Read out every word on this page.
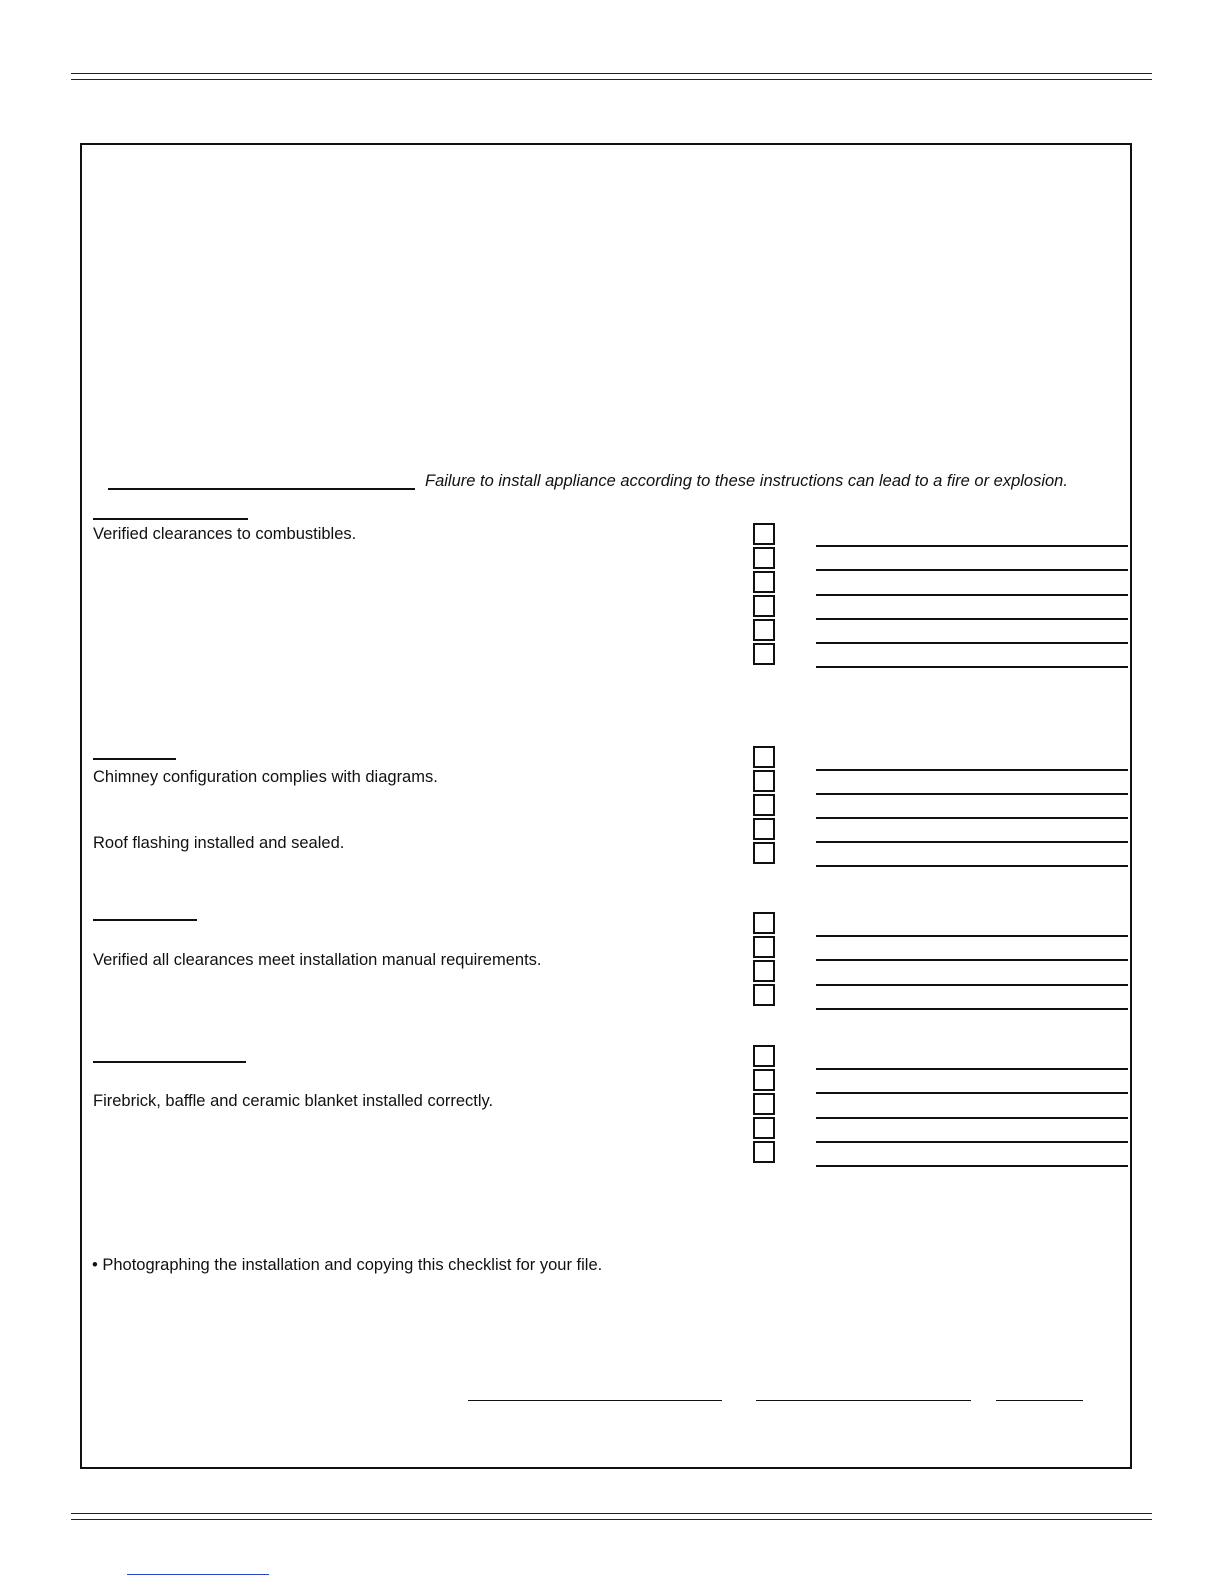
Failure to install appliance according to these instructions can lead to a fire or explosion.
Verified clearances to combustibles.
Chimney configuration complies with diagrams.
Roof flashing installed and sealed.
Verified all clearances meet installation manual requirements.
Firebrick, baffle and ceramic blanket installed correctly.
• Photographing the installation and copying this checklist for your file.
